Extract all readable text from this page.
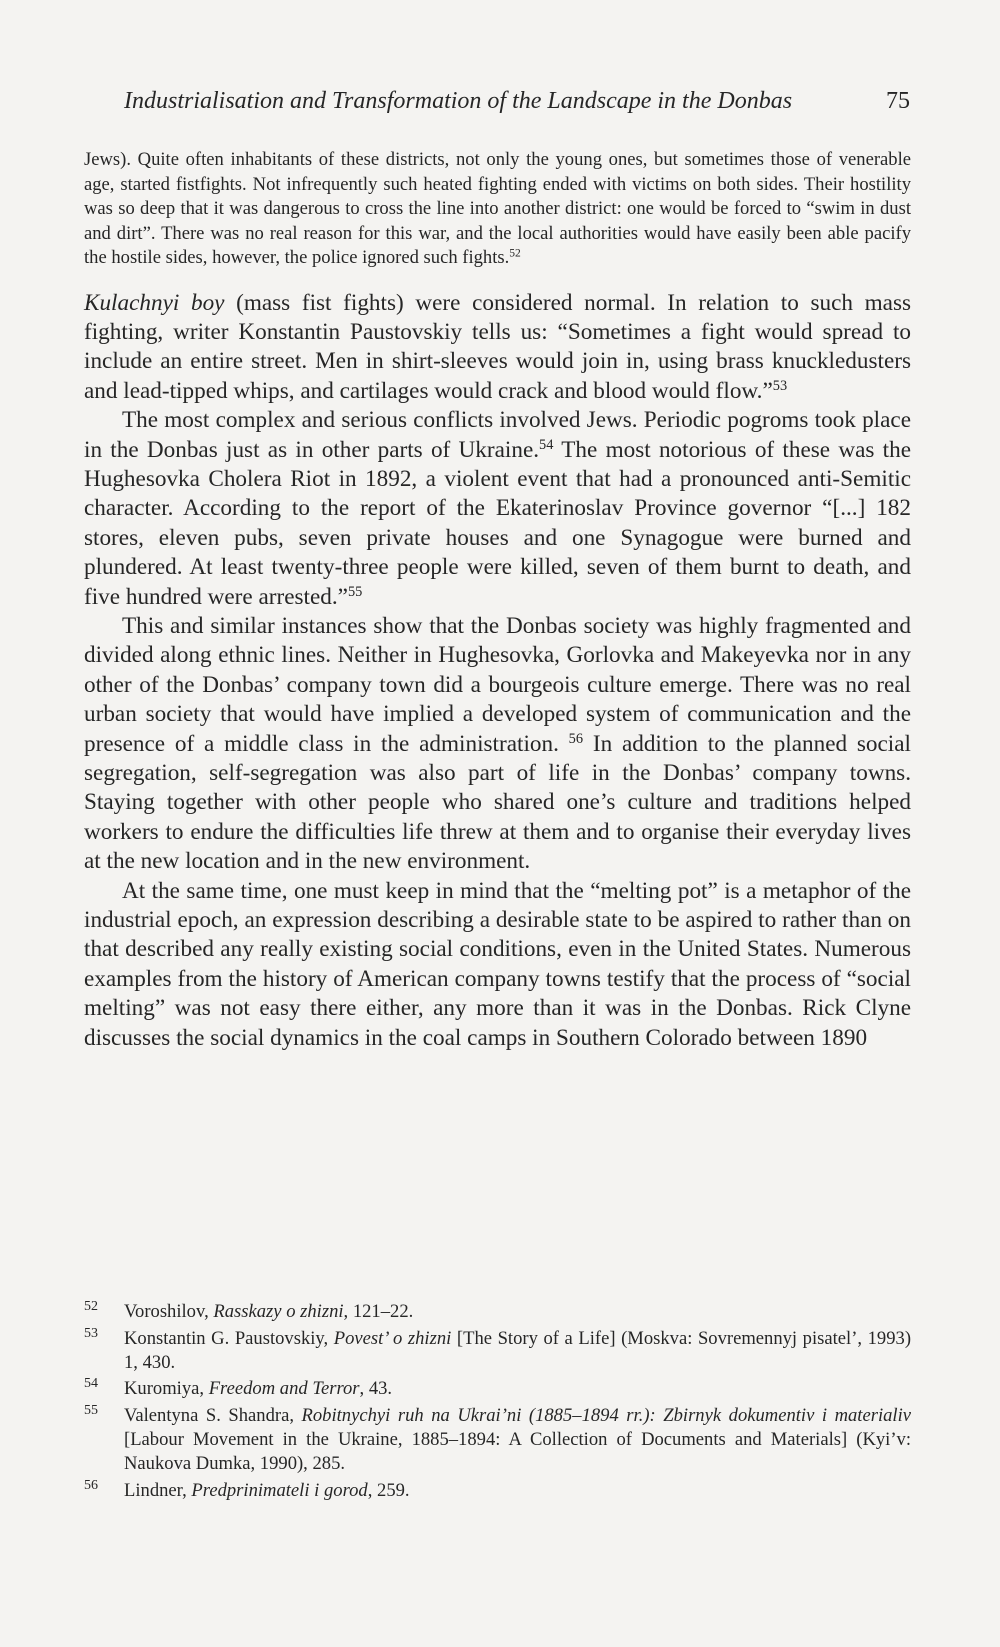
Industrialisation and Transformation of the Landscape in the Donbas	75

Jews). Quite often inhabitants of these districts, not only the young ones, but sometimes those of venerable age, started fistfights. Not infrequently such heated fighting ended with victims on both sides. Their hostility was so deep that it was dangerous to cross the line into another district: one would be forced to “swim in dust and dirt”. There was no real reason for this war, and the local authorities would have easily been able pacify the hostile sides, however, the police ignored such fights.$^{52}$

Kulachnyi boy (mass fist fights) were considered normal. In relation to such mass fighting, writer Konstantin Paustovskiy tells us: “Sometimes a fight would spread to include an entire street. Men in shirt-sleeves would join in, using brass knuckledusters and lead-tipped whips, and cartilages would crack and blood would flow.”$^{53}$

The most complex and serious conflicts involved Jews. Periodic pogroms took place in the Donbas just as in other parts of Ukraine.$^{54}$ The most notorious of these was the Hughesovka Cholera Riot in 1892, a violent event that had a pronounced anti-Semitic character. According to the report of the Ekaterinoslav Province governor “[...] 182 stores, eleven pubs, seven private houses and one Synagogue were burned and plundered. At least twenty-three people were killed, seven of them burnt to death, and five hundred were arrested.”$^{55}$

This and similar instances show that the Donbas society was highly fragmented and divided along ethnic lines. Neither in Hughesovka, Gorlovka and Makeyevka nor in any other of the Donbas’ company town did a bourgeois culture emerge. There was no real urban society that would have implied a developed system of communication and the presence of a middle class in the administration. $^{56}$ In addition to the planned social segregation, self-segregation was also part of life in the Donbas’ company towns. Staying together with other people who shared one’s culture and traditions helped workers to endure the difficulties life threw at them and to organise their everyday lives at the new location and in the new environment.

At the same time, one must keep in mind that the “melting pot” is a metaphor of the industrial epoch, an expression describing a desirable state to be aspired to rather than on that described any really existing social conditions, even in the United States. Numerous examples from the history of American company towns testify that the process of “social melting” was not easy there either, any more than it was in the Donbas. Rick Clyne discusses the social dynamics in the coal camps in Southern Colorado between 1890

52 Voroshilov, Rasskazy o zhizni, 121–22.

53 Konstantin G. Paustovskiy, Povest’ o zhizni [The Story of a Life] (Moskva: Sovremennyj pisatel’, 1993) 1, 430.

54 Kuromiya, Freedom and Terror, 43.

55 Valentyna S. Shandra, Robitnychyi ruh na Ukrai’ni (1885–1894 rr.): Zbirnyk dokumentiv i materialiv [Labour Movement in the Ukraine, 1885–1894: A Collection of Documents and Materials] (Kyi’v: Naukova Dumka, 1990), 285.

56 Lindner, Predprinimateli i gorod, 259.
